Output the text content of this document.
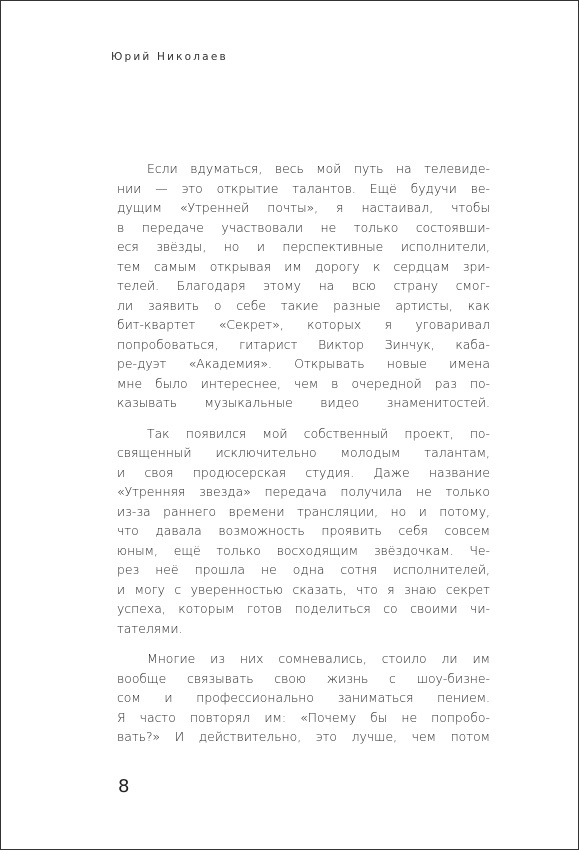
Юрий Николаев

Если вдуматься, весь мой путь на телевиде-
нии — это открытие талантов. Ещё будучи ве-
дущим «Утренней почты», я настаивал, чтобы
в передаче участвовали не только состоявши-
еся звёзды, но и перспективные исполнители,
тем самым открывая им дорогу к сердцам зри-
телей. Благодаря этому на всю страну смог-
ли заявить о себе такие разные артисты, как
бит-квартет «Секрет», которых я уговаривал
попробоваться, гитарист Виктор Зинчук, каба-
ре-дуэт «Академия». Открывать новые имена
мне было интереснее, чем в очередной раз по-
казывать музыкальные видео знаменитостей.

Так появился мой собственный проект, по-
священный исключительно молодым талантам,
и своя продюсерская студия. Даже название
«Утренняя звезда» передача получила не только
из-за раннего времени трансляции, но и потому,
что давала возможность проявить себя совсем
юным, ещё только восходящим звёздочкам. Че-
рез неё прошла не одна сотня исполнителей,
и могу с уверенностью сказать, что я знаю секрет
успеха, которым готов поделиться со своими чи-
тателями.

Многие из них сомневались, стоило ли им
вообще связывать свою жизнь с шоу-бизне-
сом и профессионально заниматься пением.
Я часто повторял им: «Почему бы не попробо-
вать?» И действительно, это лучше, чем потом

8
